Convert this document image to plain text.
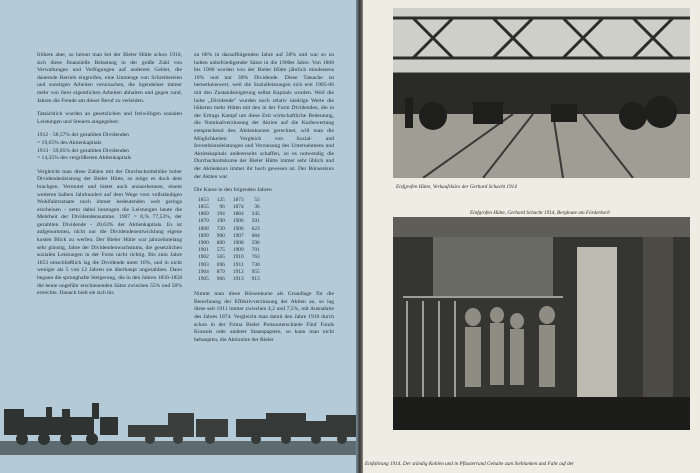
frühere aber, so betont man bei der Bieler Hütte schon 1910, sich diese finanzielle Belastung in der große Zahl von Verwaltungen und Verfügungen auf anderem Gebiet, die dauernde Betrieb eingreifen, eine Unmenge von Schreibereien und sonstigen Arbeiten verursachen, die irgendeiner immer mehr von ihrer eigentlichen Arbeiten abhalten und gegen rund, Jahren die Freude am dieser Beruf zu verleiden.

Tatsächlich wurden an gesetzlichen und freiwilligen sozialen Leistungen und Steuern ausgegeben:

1912 · 58,57% der gezahlten Dividenden
= 19,65% des Aktienkapitals
1913 · 59,85% der gezahlten Dividenden
= 14,35% des vergrößerten Aktienkapitals

Vergleicht man diese Zahlen mit der Durchschnittshöhe hoher Dividendenleistung der Bieler Hütte, so möge es doch dem brachgen. Vermutet und bietet auch anzuerkennen, einem weiteren halben Jahrhundert auf dem Wege vom vollständigen Wohlfahrtsstaate noch immer bedeutenden weit gerings erscheinen - netto dabei bezeugen die Leistungen heute die Mehrheit der Dividendensumme. 1907 = 8,% 77,53%, der gezahlten Dividende - 20,63% der Aktienkapitals. Es ist aufgenommen, nicht nur die Dividendenentwicklung eigene kosten Blick zu werfen. Der Bieler Hütte war jahrzehntelang sehr günstig, Jahre der Dividendenwachstums, die gesetzlichen sozialen Leistungen in der Form nicht richtig. Bis zum Jahre 1853 einschließlich lag die Dividende unter 10%, und in nicht weniger als 5 von 12 Jahren sie überhaupt ungezahlten. Dann begann die sprunghafte Steigerung, die in den Jahren 1856-1858 die heute ungefähr erschienenden Sätze zwischen 55% und 50% erreichte. Danach hielt sie sich bis

zu 60% in darauffolgenden Jahre auf 50% und war so zu hohen unbefriedigender Sätze in die 1900er Jahre. Von 1868 bis 1900 wurden von der Bieler Hütte jährlich mindestens 10% und nur 30% Dividende. Diese Tatsache ist bemerkenswert, weil die Sozialleistungen sich erst 1905-06 mit den Zustandsteigerung selbst Kapitals wurden. Weil die hohe ,,Dividende" wurden noch relativ niedrige Werte die höheren mehr Hüten mit den in der Form Dividenden, die in der Ertrags Kampf um diese Zeit wirtschaftliche Bedeutung, die Nominalverzinsung der Aktien auf die Kurbewertung entsprechend den Aktienkursen gerechnet, will man die Möglichkeiten Vergleich von Sozial- und Investitionsleistungen und Verzinsung des Unternehmens und Aktienkapitals andererseits schaffen, so es notwendig die Durchschnittskurse der Bieler Hütte immer sehr üblich und der Aktienkurs immer ihr hoch gewesen ist. Der Börsenkurs der Aktien war

Die Kurse in den folgenden Jahren
1853	125	1873	53
1855	96	1874	36
1869	194	1884	345
1870	190	1906	501
1898	720	1906	623
1899	900	1907	684
1900	800	1908	596
1901	575	1909	701
1902	565	1910	763
1903	696	1911	730
1904	879	1912	955
1905	966	1913	913

Nimmt man diese Börsenkurse als Grundlage für die Berechnung der Effektivverzinsung der Aktien an, so lag diese seit 1911 immer zwischen 4,2 und 7,5%, mit Ausnahme des Jahres 1874. Vergleicht man damit den Jahre 1910 durch schon in der Firma Bieler Preisunterschiede Fünf Fonds Konsols oder anderer Staatspapiere, so kann man nicht behaupten, die Aktionäre der Bieler

Eisfgrofen Hütte, Verkaufsbüro der Gerhard Schacht 1914
Einfgrofen Hütte, Gerhard Schacht 1914, Bergleute am Förderkorb
Einfahrung 1914. Der ständig Kohlen und in Pflasterrund Gehalte zum Sieblanken und Fahr auf der
